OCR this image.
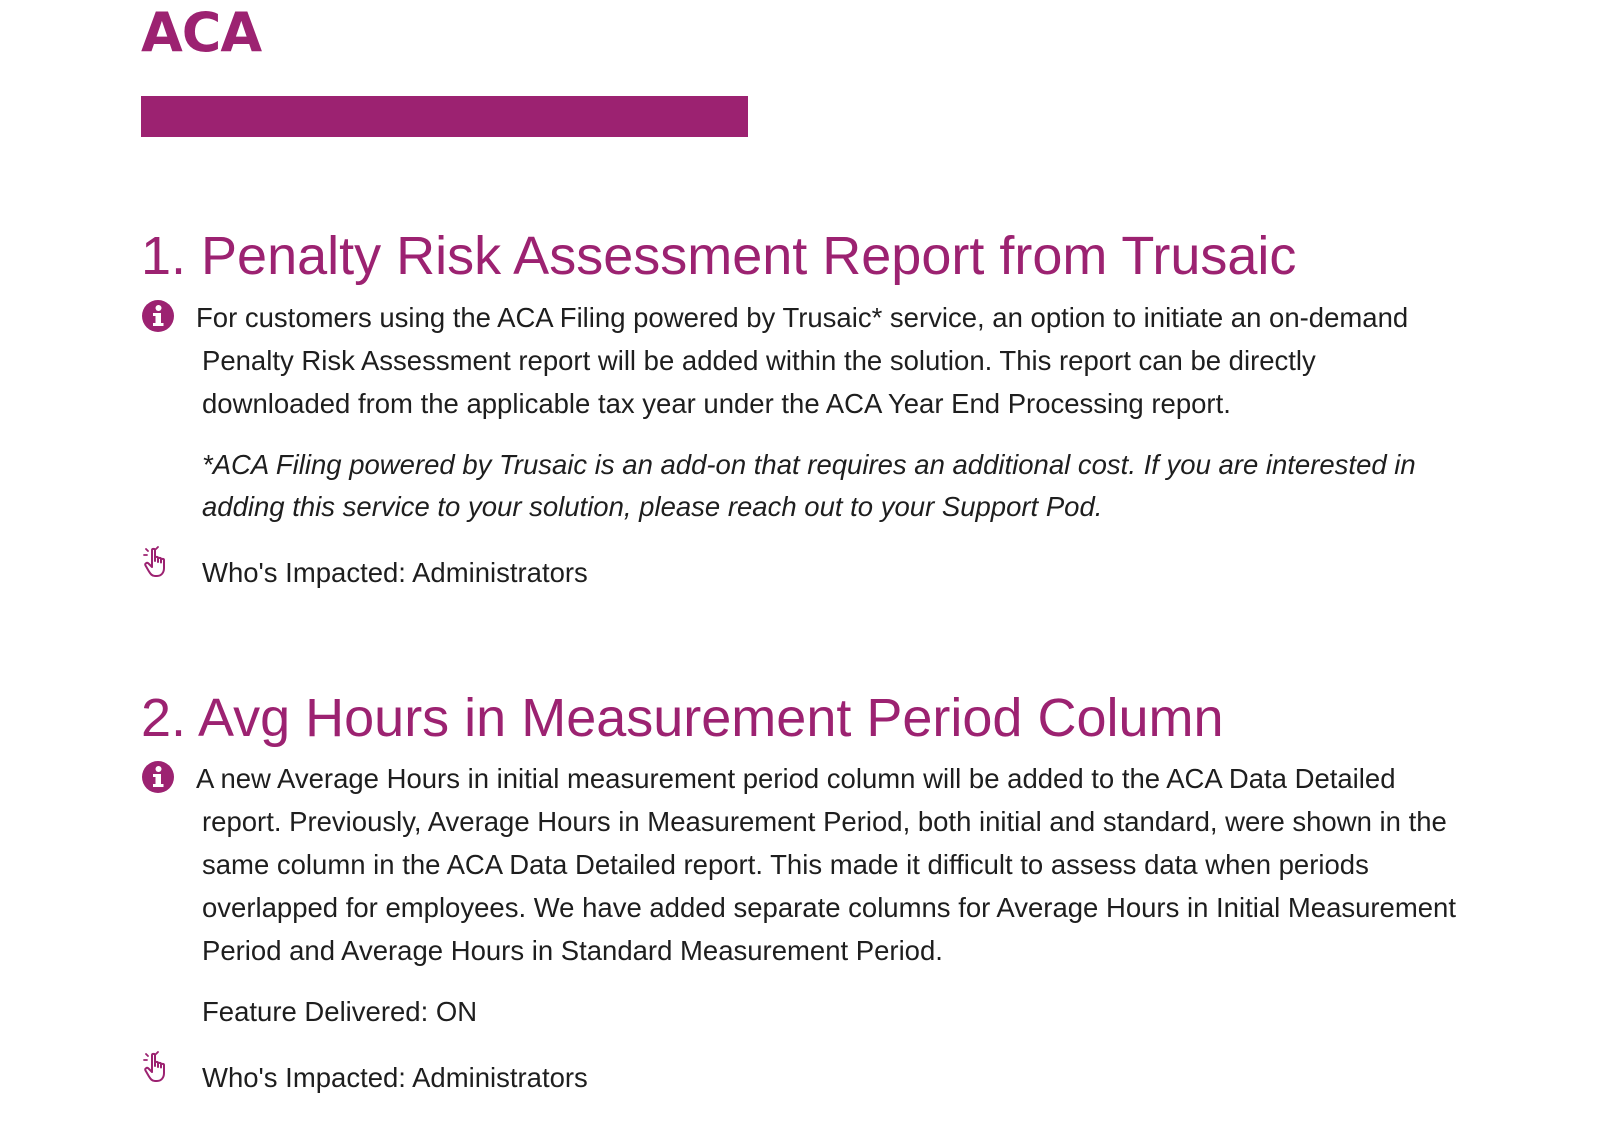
ACA
1. Penalty Risk Assessment Report from Trusaic
For customers using the ACA Filing powered by Trusaic* service, an option to initiate an on-demand Penalty Risk Assessment report will be added within the solution. This report can be directly downloaded from the applicable tax year under the ACA Year End Processing report.
*ACA Filing powered by Trusaic is an add-on that requires an additional cost. If you are interested in adding this service to your solution, please reach out to your Support Pod.
Who's Impacted: Administrators
2. Avg Hours in Measurement Period Column
A new Average Hours in initial measurement period column will be added to the ACA Data Detailed report. Previously, Average Hours in Measurement Period, both initial and standard, were shown in the same column in the ACA Data Detailed report. This made it difficult to assess data when periods overlapped for employees. We have added separate columns for Average Hours in Initial Measurement Period and Average Hours in Standard Measurement Period.
Feature Delivered: ON
Who's Impacted: Administrators
